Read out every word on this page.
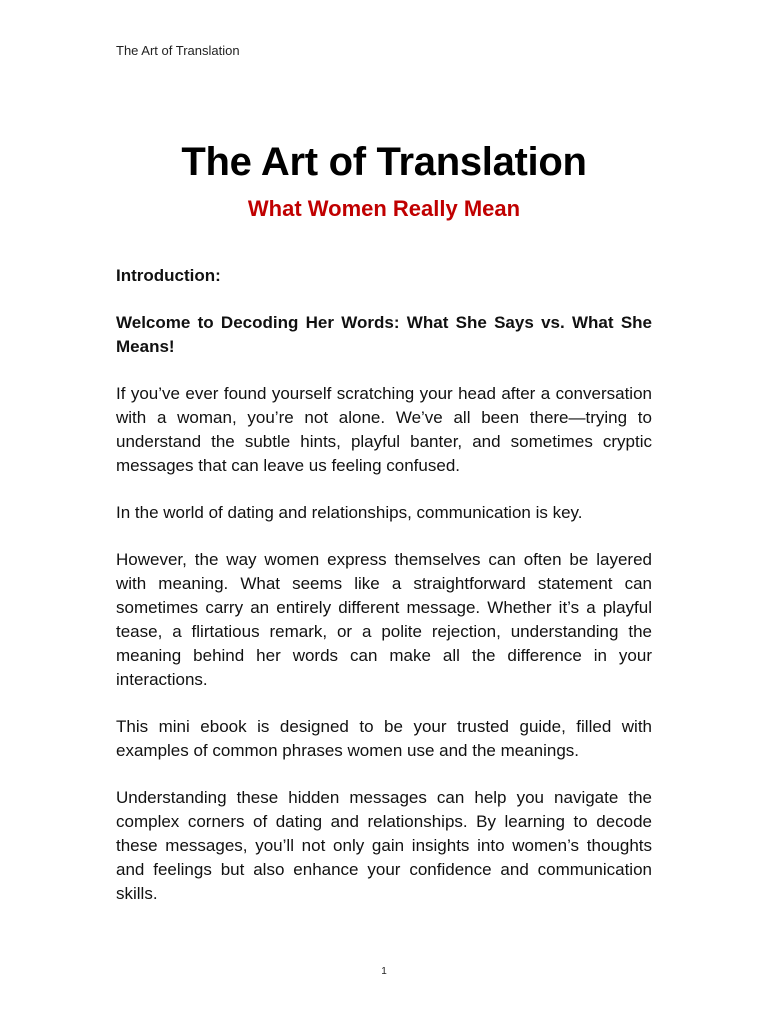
The Art of Translation
The Art of Translation
What Women Really Mean

Introduction:

Welcome to Decoding Her Words: What She Says vs. What She Means!

If you’ve ever found yourself scratching your head after a conversation with a woman, you’re not alone. We’ve all been there—trying to understand the subtle hints, playful banter, and sometimes cryptic messages that can leave us feeling confused.

In the world of dating and relationships, communication is key.

However, the way women express themselves can often be layered with meaning. What seems like a straightforward statement can sometimes carry an entirely different message. Whether it’s a playful tease, a flirtatious remark, or a polite rejection, understanding the meaning behind her words can make all the difference in your interactions.

This mini ebook is designed to be your trusted guide, filled with examples of common phrases women use and the meanings.

Understanding these hidden messages can help you navigate the complex corners of dating and relationships. By learning to decode these messages, you’ll not only gain insights into women’s thoughts and feelings but also enhance your confidence and communication skills.

1
